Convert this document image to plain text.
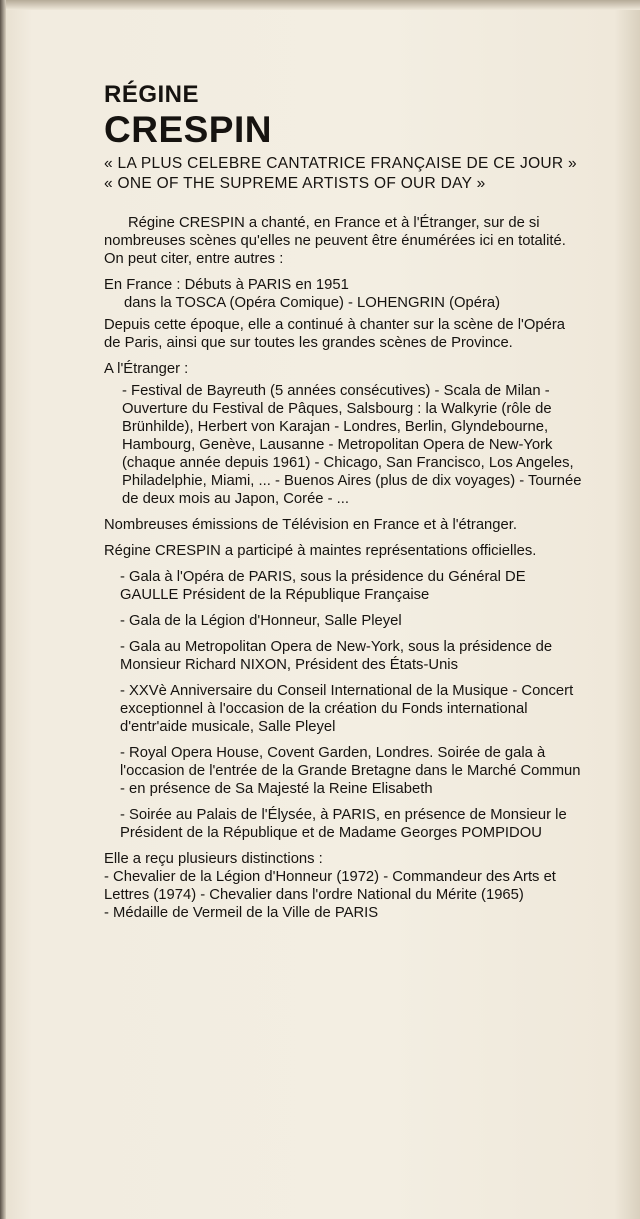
RÉGINE
CRESPIN
« LA PLUS CELEBRE CANTATRICE FRANÇAISE DE CE JOUR »
« ONE OF THE SUPREME ARTISTS OF OUR DAY »
Régine CRESPIN a chanté, en France et à l'Étranger, sur de si nombreuses scènes qu'elles ne peuvent être énumérées ici en totalité. On peut citer, entre autres :
En France : Débuts à PARIS en 1951
dans la TOSCA (Opéra Comique) - LOHENGRIN (Opéra)
Depuis cette époque, elle a continué à chanter sur la scène de l'Opéra de Paris, ainsi que sur toutes les grandes scènes de Province.
A l'Étranger :
- Festival de Bayreuth (5 années consécutives) - Scala de Milan - Ouverture du Festival de Pâques, Salsbourg : la Walkyrie (rôle de Brünhilde), Herbert von Karajan - Londres, Berlin, Glyndebourne, Hambourg, Genève, Lausanne - Metropolitan Opera de New-York (chaque année depuis 1961) - Chicago, San Francisco, Los Angeles, Philadelphie, Miami, ... - Buenos Aires (plus de dix voyages) - Tournée de deux mois au Japon, Corée - ...
Nombreuses émissions de Télévision en France et à l'étranger.
Régine CRESPIN a participé à maintes représentations officielles.
- Gala à l'Opéra de PARIS, sous la présidence du Général DE GAULLE Président de la République Française
- Gala de la Légion d'Honneur, Salle Pleyel
- Gala au Metropolitan Opera de New-York, sous la présidence de Monsieur Richard NIXON, Président des États-Unis
- XXVè Anniversaire du Conseil International de la Musique - Concert exceptionnel à l'occasion de la création du Fonds international d'entr'aide musicale, Salle Pleyel
- Royal Opera House, Covent Garden, Londres. Soirée de gala à l'occasion de l'entrée de la Grande Bretagne dans le Marché Commun - en présence de Sa Majesté la Reine Elisabeth
- Soirée au Palais de l'Élysée, à PARIS, en présence de Monsieur le Président de la République et de Madame Georges POMPIDOU
Elle a reçu plusieurs distinctions :
- Chevalier de la Légion d'Honneur (1972) - Commandeur des Arts et Lettres (1974) - Chevalier dans l'ordre National du Mérite (1965)
- Médaille de Vermeil de la Ville de PARIS
